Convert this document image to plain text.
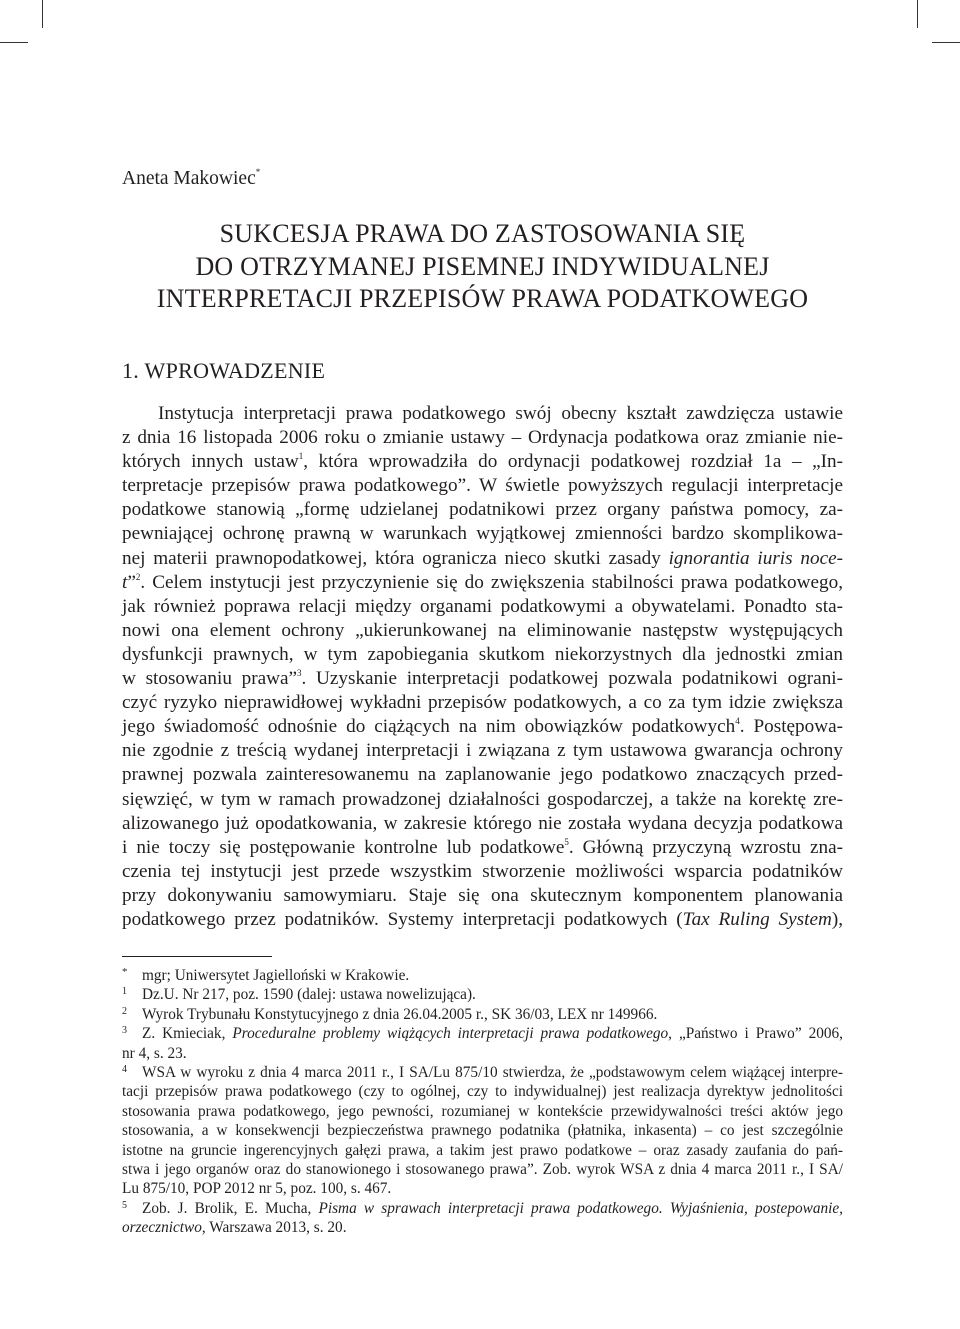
Aneta Makowiec*
SUKCESJA PRAWA DO ZASTOSOWANIA SIĘ
DO OTRZYMANEJ PISEMNEJ INDYWIDUALNEJ
INTERPRETACJI PRZEPISÓW PRAWA PODATKOWEGO
1. WPROWADZENIE
Instytucja interpretacji prawa podatkowego swój obecny kształt zawdzięcza ustawie
z dnia 16 listopada 2006 roku o zmianie ustawy – Ordynacja podatkowa oraz zmianie nie-
których innych ustaw$^1$, która wprowadziła do ordynacji podatkowej rozdział 1a – „In-
terpretacje przepisów prawa podatkowego”. W świetle powyższych regulacji interpretacje
podatkowe stanowią „formę udzielanej podatnikowi przez organy państwa pomocy, za-
pewniającej ochronę prawną w warunkach wyjątkowej zmienności bardzo skomplikowa-
nej materii prawnopodatkowej, która ogranicza nieco skutki zasady ignorantia iuris noce-
t”$^2$. Celem instytucji jest przyczynienie się do zwiększenia stabilności prawa podatkowego,
jak również poprawa relacji między organami podatkowymi a obywatelami. Ponadto sta-
nowi ona element ochrony „ukierunkowanej na eliminowanie następstw występujących
dysfunkcji prawnych, w tym zapobiegania skutkom niekorzystnych dla jednostki zmian
w stosowaniu prawa”$^3$. Uzyskanie interpretacji podatkowej pozwala podatnikowi ograni-
czyć ryzyko nieprawidłowej wykładni przepisów podatkowych, a co za tym idzie zwiększa
jego świadomość odnośnie do ciążących na nim obowiązków podatkowych$^4$. Postępowa-
nie zgodnie z treścią wydanej interpretacji i związana z tym ustawowa gwarancja ochrony
prawnej pozwala zainteresowanemu na zaplanowanie jego podatkowo znaczących przed-
sięwzięć, w tym w ramach prowadzonej działalności gospodarczej, a także na korektę zre-
alizowanego już opodatkowania, w zakresie którego nie została wydana decyzja podatkowa
i nie toczy się postępowanie kontrolne lub podatkowe$^5$. Główną przyczyną wzrostu zna-
czenia tej instytucji jest przede wszystkim stworzenie możliwości wsparcia podatników
przy dokonywaniu samowymiaru. Staje się ona skutecznym komponentem planowania
podatkowego przez podatników. Systemy interpretacji podatkowych (Tax Ruling System),
* mgr; Uniwersytet Jagielloński w Krakowie.
1 Dz.U. Nr 217, poz. 1590 (dalej: ustawa nowelizująca).
2 Wyrok Trybunału Konstytucyjnego z dnia 26.04.2005 r., SK 36/03, LEX nr 149966.
3 Z. Kmieciak, Proceduralne problemy wiążących interpretacji prawa podatkowego, „Państwo i Prawo” 2006,
nr 4, s. 23.
4 WSA w wyroku z dnia 4 marca 2011 r., I SA/Lu 875/10 stwierdza, że „podstawowym celem wiążącej interpre-
tacji przepisów prawa podatkowego (czy to ogólnej, czy to indywidualnej) jest realizacja dyrektyw jednolitości
stosowania prawa podatkowego, jego pewności, rozumianej w kontekście przewidywalności treści aktów jego
stosowania, a w konsekwencji bezpieczeństwa prawnego podatnika (płatnika, inkasenta) – co jest szczególnie
istotne na gruncie ingerencyjnych gałęzi prawa, a takim jest prawo podatkowe – oraz zasady zaufania do pań-
stwa i jego organów oraz do stanowionego i stosowanego prawa”. Zob. wyrok WSA z dnia 4 marca 2011 r., I SA/
Lu 875/10, POP 2012 nr 5, poz. 100, s. 467.
5 Zob. J. Brolik, E. Mucha, Pisma w sprawach interpretacji prawa podatkowego. Wyjaśnienia, postepowanie,
orzecznictwo, Warszawa 2013, s. 20.
